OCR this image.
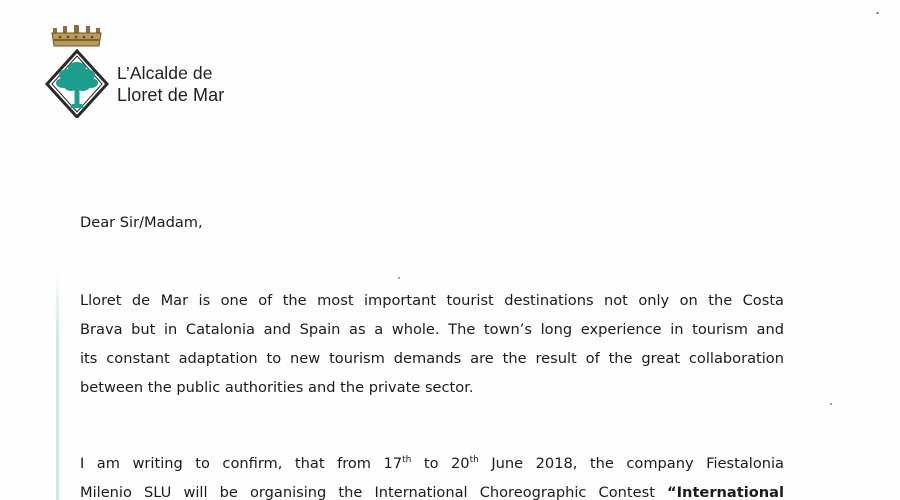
L’Alcalde de
Lloret de Mar
Dear Sir/Madam,
Lloret de Mar is one of the most important tourist destinations not only on the Costa
Brava but in Catalonia and Spain as a whole. The town’s long experience in tourism and
its constant adaptation to new tourism demands are the result of the great collaboration
between the public authorities and the private sector.
I am writing to confirm, that from 17th to 20th June 2018, the company Fiestalonia
Milenio SLU will be organising the International Choreographic Contest “International
